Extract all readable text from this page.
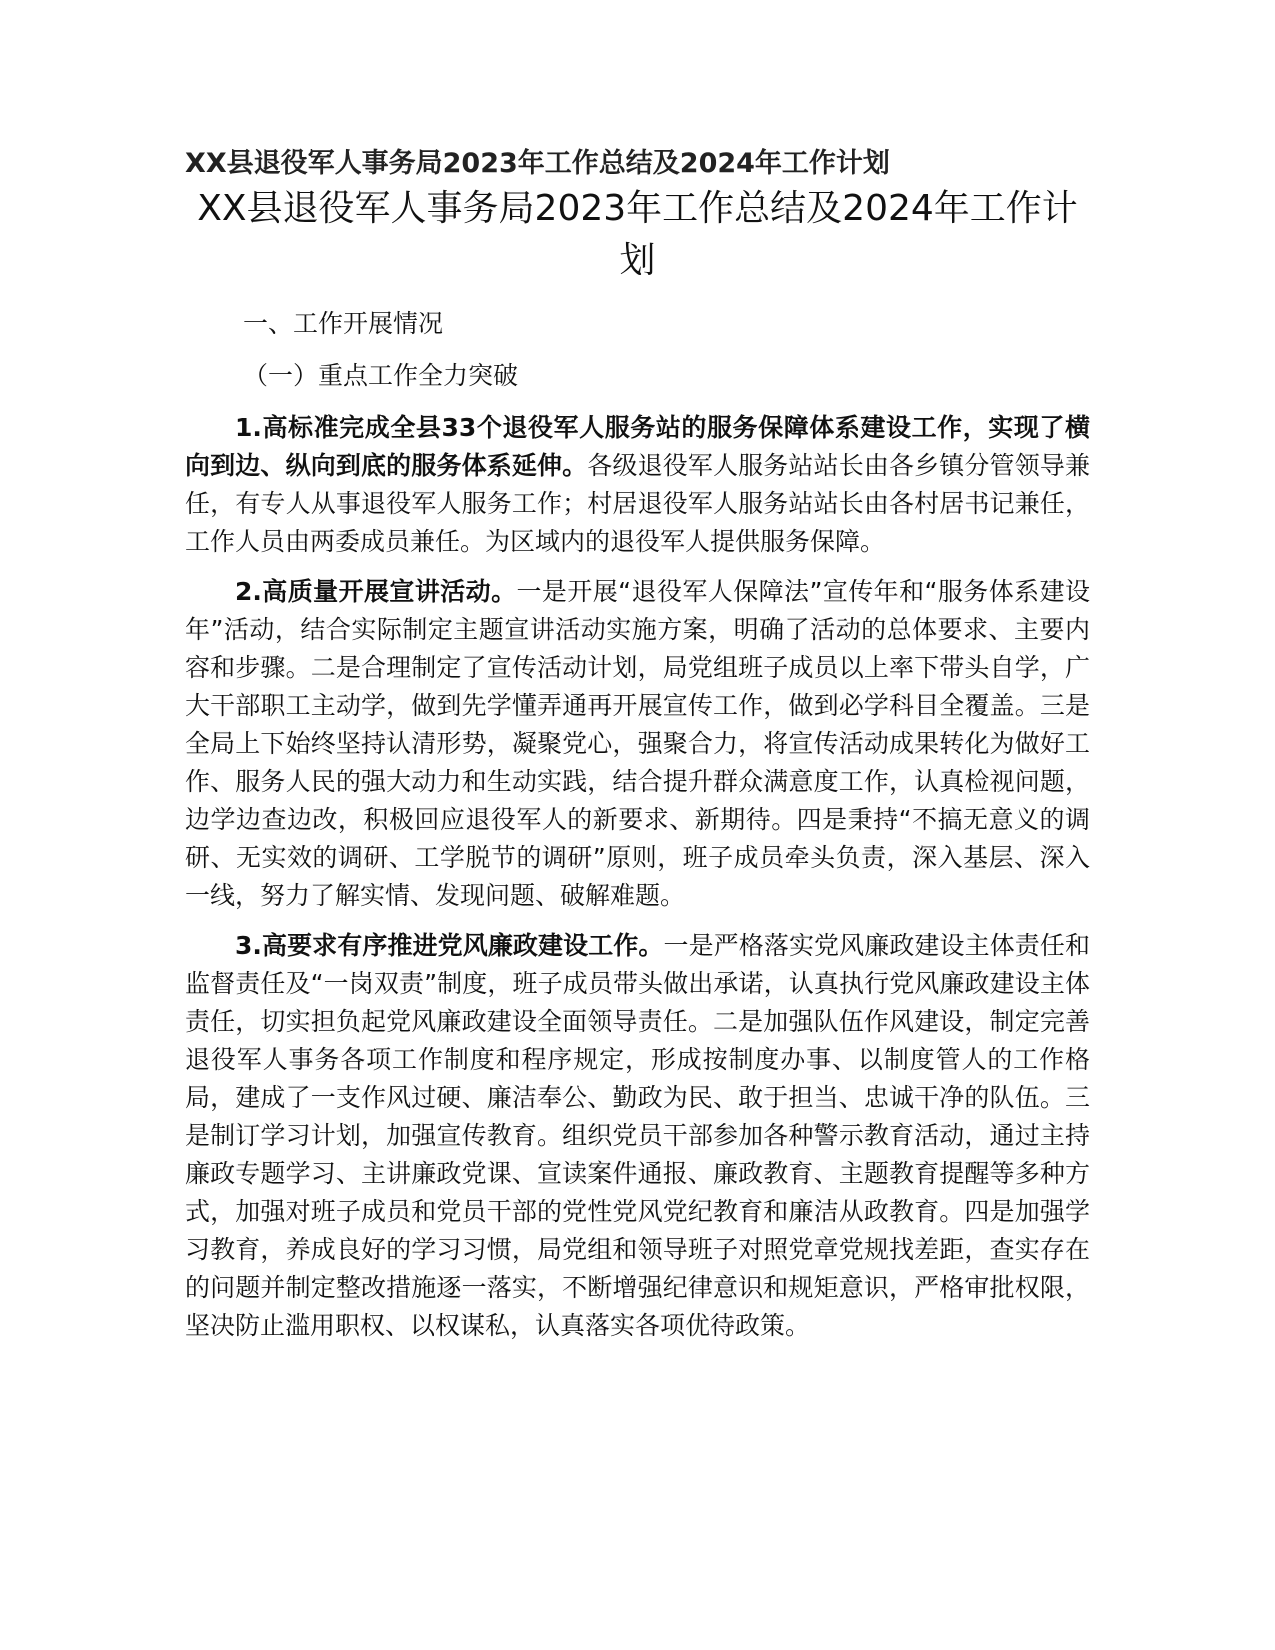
XX县退役军人事务局2023年工作总结及2024年工作计划
XX县退役军人事务局2023年工作总结及2024年工作计划
一、工作开展情况
（一）重点工作全力突破

1.高标准完成全县33个退役军人服务站的服务保障体系建设工作，实现了横向到边、纵向到底的服务体系延伸。各级退役军人服务站站长由各乡镇分管领导兼任，有专人从事退役军人服务工作；村居退役军人服务站站长由各村居书记兼任，工作人员由两委成员兼任。为区域内的退役军人提供服务保障。

2.高质量开展宣讲活动。一是开展“退役军人保障法”宣传年和“服务体系建设年”活动，结合实际制定主题宣讲活动实施方案，明确了活动的总体要求、主要内容和步骤。二是合理制定了宣传活动计划，局党组班子成员以上率下带头自学，广大干部职工主动学，做到先学懂弄通再开展宣传工作，做到必学科目全覆盖。三是全局上下始终坚持认清形势，凝聚党心，强聚合力，将宣传活动成果转化为做好工作、服务人民的强大动力和生动实践，结合提升群众满意度工作，认真检视问题，边学边查边改，积极回应退役军人的新要求、新期待。四是秉持“不搞无意义的调研、无实效的调研、工学脱节的调研”原则，班子成员牵头负责，深入基层、深入一线，努力了解实情、发现问题、破解难题。

3.高要求有序推进党风廉政建设工作。一是严格落实党风廉政建设主体责任和监督责任及“一岗双责”制度，班子成员带头做出承诺，认真执行党风廉政建设主体责任，切实担负起党风廉政建设全面领导责任。二是加强队伍作风建设，制定完善退役军人事务各项工作制度和程序规定，形成按制度办事、以制度管人的工作格局，建成了一支作风过硬、廉洁奉公、勤政为民、敢于担当、忠诚干净的队伍。三是制订学习计划，加强宣传教育。组织党员干部参加各种警示教育活动，通过主持廉政专题学习、主讲廉政党课、宣读案件通报、廉政教育、主题教育提醒等多种方式，加强对班子成员和党员干部的党性党风党纪教育和廉洁从政教育。四是加强学习教育，养成良好的学习习惯，局党组和领导班子对照党章党规找差距，查实存在的问题并制定整改措施逐一落实，不断增强纪律意识和规矩意识，严格审批权限，坚决防止滥用职权、以权谋私，认真落实各项优待政策。
